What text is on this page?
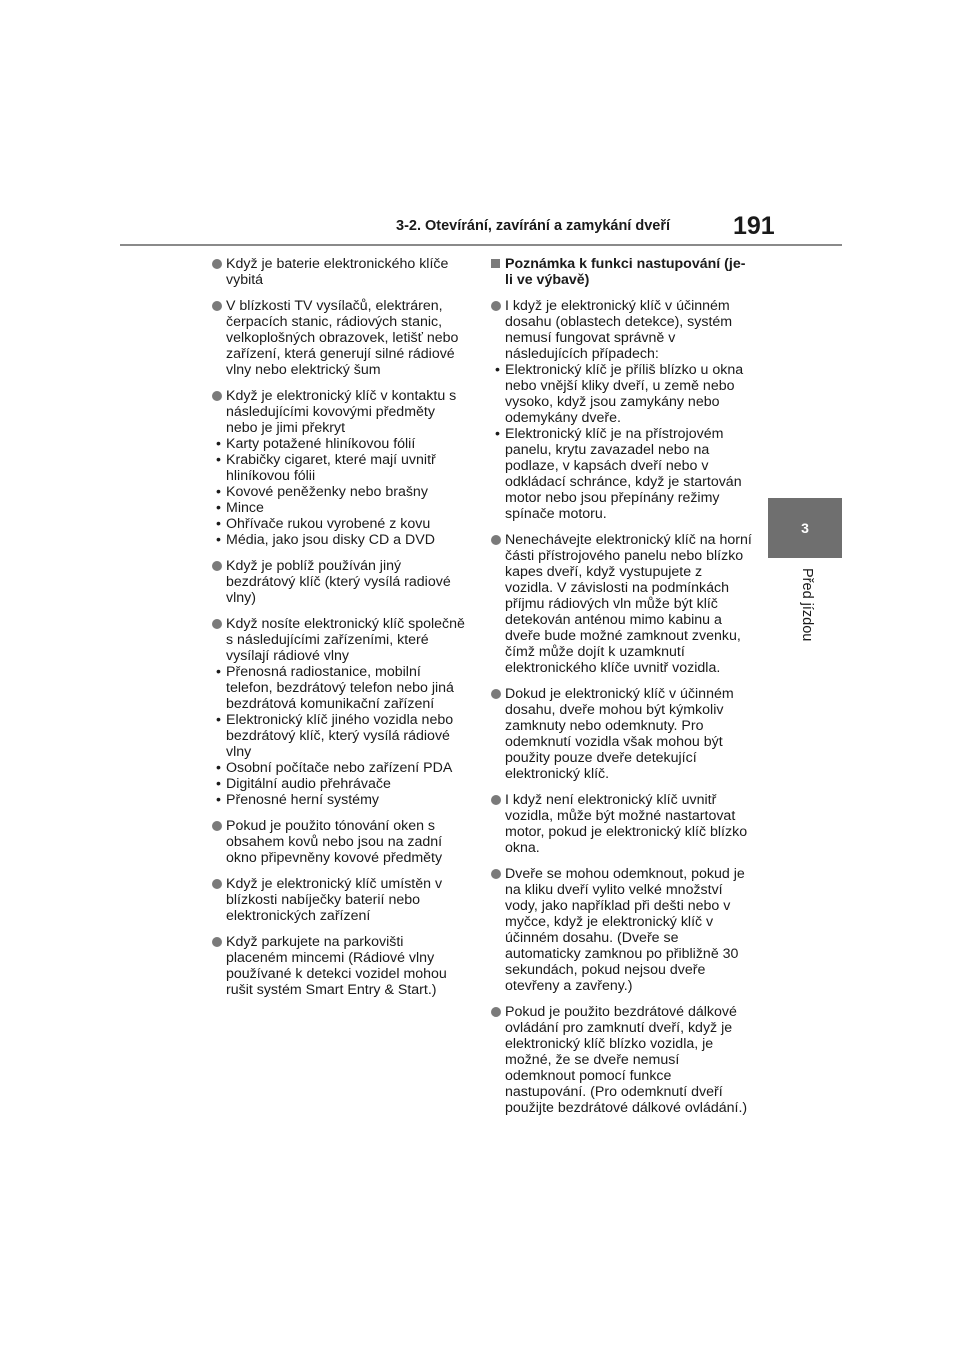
3-2. Otevírání, zavírání a zamykání dveří	191
3
Před jízdou
Když je baterie elektronického klíče vybitá
V blízkosti TV vysílačů, elektráren, čerpacích stanic, rádiových stanic, velkoplošných obrazovek, letišť nebo zařízení, která generují silné rádiové vlny nebo elektrický šum
Když je elektronický klíč v kontaktu s následujícími kovovými předměty nebo je jimi překryt
• Karty potažené hliníkovou fólií
• Krabičky cigaret, které mají uvnitř hliníkovou fólii
• Kovové peněženky nebo brašny
• Mince
• Ohřívače rukou vyrobené z kovu
• Média, jako jsou disky CD a DVD
Když je poblíž používán jiný bezdrátový klíč (který vysílá radiové vlny)
Když nosíte elektronický klíč společně s následujícími zařízeními, které vysílají rádiové vlny
• Přenosná radiostanice, mobilní telefon, bezdrátový telefon nebo jiná bezdrátová komunikační zařízení
• Elektronický klíč jiného vozidla nebo bezdrátový klíč, který vysílá rádiové vlny
• Osobní počítače nebo zařízení PDA
• Digitální audio přehrávače
• Přenosné herní systémy
Pokud je použito tónování oken s obsahem kovů nebo jsou na zadní okno připevněny kovové předměty
Když je elektronický klíč umístěn v blízkosti nabíječky baterií nebo elektronických zařízení
Když parkujete na parkovišti placeném mincemi (Rádiové vlny používané k detekci vozidel mohou rušit systém Smart Entry & Start.)
Poznámka k funkci nastupování (je-li ve výbavě)
I když je elektronický klíč v účinném dosahu (oblastech detekce), systém nemusí fungovat správně v následujících případech:
• Elektronický klíč je příliš blízko u okna nebo vnější kliky dveří, u země nebo vysoko, když jsou zamykány nebo odemykány dveře.
• Elektronický klíč je na přístrojovém panelu, krytu zavazadel nebo na podlaze, v kapsách dveří nebo v odkládací schránce, když je startován motor nebo jsou přepínány režimy spínače motoru.
Nenechávejte elektronický klíč na horní části přístrojového panelu nebo blízko kapes dveří, když vystupujete z vozidla. V závislosti na podmínkách příjmu rádiových vln může být klíč detekován anténou mimo kabinu a dveře bude možné zamknout zvenku, čímž může dojít k uzamknutí elektronického klíče uvnitř vozidla.
Dokud je elektronický klíč v účinném dosahu, dveře mohou být kýmkoliv zamknuty nebo odemknuty. Pro odemknutí vozidla však mohou být použity pouze dveře detekující elektronický klíč.
I když není elektronický klíč uvnitř vozidla, může být možné nastartovat motor, pokud je elektronický klíč blízko okna.
Dveře se mohou odemknout, pokud je na kliku dveří vylito velké množství vody, jako například při dešti nebo v myčce, když je elektronický klíč v účinném dosahu. (Dveře se automaticky zamknou po přibližně 30 sekundách, pokud nejsou dveře otevřeny a zavřeny.)
Pokud je použito bezdrátové dálkové ovládání pro zamknutí dveří, když je elektronický klíč blízko vozidla, je možné, že se dveře nemusí odemknout pomocí funkce nastupování. (Pro odemknutí dveří použijte bezdrátové dálkové ovládání.)
